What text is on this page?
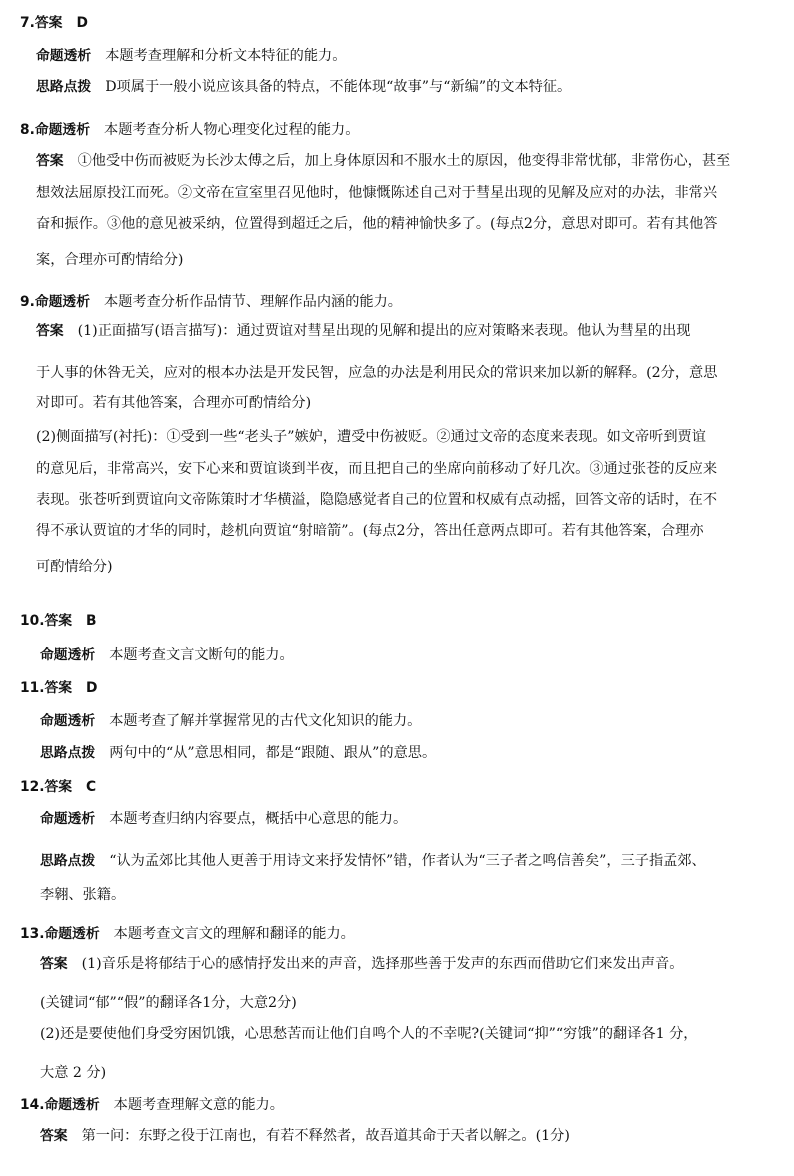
7.答案 D
命题透析 本题考查理解和分析文本特征的能力。
思路点拨 D项属于一般小说应该具备的特点，不能体现“故事”与“新编”的文本特征。
8.命题透析 本题考查分析人物心理变化过程的能力。
答案 ①他受中伤而被贬为长沙太傅之后，加上身体原因和不服水土的原因，他变得非常忧郁，非常伤心，甚至
想效法屈原投江而死。②文帝在宣室里召见他时，他慷慨陈述自己对于彗星出现的见解及应对的办法，非常兴
奋和振作。③他的意见被采纳，位置得到超迁之后，他的精神愉快多了。(每点2分，意思对即可。若有其他答
案，合理亦可酌情给分)
9.命题透析 本题考查分析作品情节、理解作品内涵的能力。
答案 (1)正面描写(语言描写)：通过贾谊对彗星出现的见解和提出的应对策略来表现。他认为彗星的出现
于人事的休咎无关，应对的根本办法是开发民智，应急的办法是利用民众的常识来加以新的解释。(2分，意思
对即可。若有其他答案，合理亦可酌情给分)
(2)侧面描写(衬托)：①受到一些“老头子”嫉妒，遭受中伤被贬。②通过文帝的态度来表现。如文帝听到贾谊
的意见后，非常高兴，安下心来和贾谊谈到半夜，而且把自己的坐席向前移动了好几次。③通过张苍的反应来
表现。张苍听到贾谊向文帝陈策时才华横溢，隐隐感觉者自己的位置和权威有点动摇，回答文帝的话时，在不
得不承认贾谊的才华的同时，趁机向贾谊“射暗箭”。(每点2分，答出任意两点即可。若有其他答案，合理亦
可酌情给分)
10.答案 B
命题透析 本题考查文言文断句的能力。
11.答案 D
命题透析 本题考查了解并掌握常见的古代文化知识的能力。
思路点拨 两句中的“从”意思相同，都是“跟随、跟从”的意思。
12.答案 C
命题透析 本题考查归纳内容要点，概括中心意思的能力。
思路点拨 “认为孟郊比其他人更善于用诗文来抒发情怀”错，作者认为“三子者之鸣信善矣”，三子指孟郊、
李翱、张籍。
13.命题透析 本题考查文言文的理解和翻译的能力。
答案 (1)音乐是将郁结于心的感情抒发出来的声音，选择那些善于发声的东西而借助它们来发出声音。
(关键词“郁”“假”的翻译各1分，大意2分)
(2)还是要使他们身受穷困饥饿，心思愁苦而让他们自鸣个人的不幸呢?(关键词“抑”“穷饿”的翻译各1 分，
大意 2 分)
14.命题透析 本题考查理解文意的能力。
答案 第一问：东野之役于江南也，有若不释然者，故吾道其命于天者以解之。(1分)
